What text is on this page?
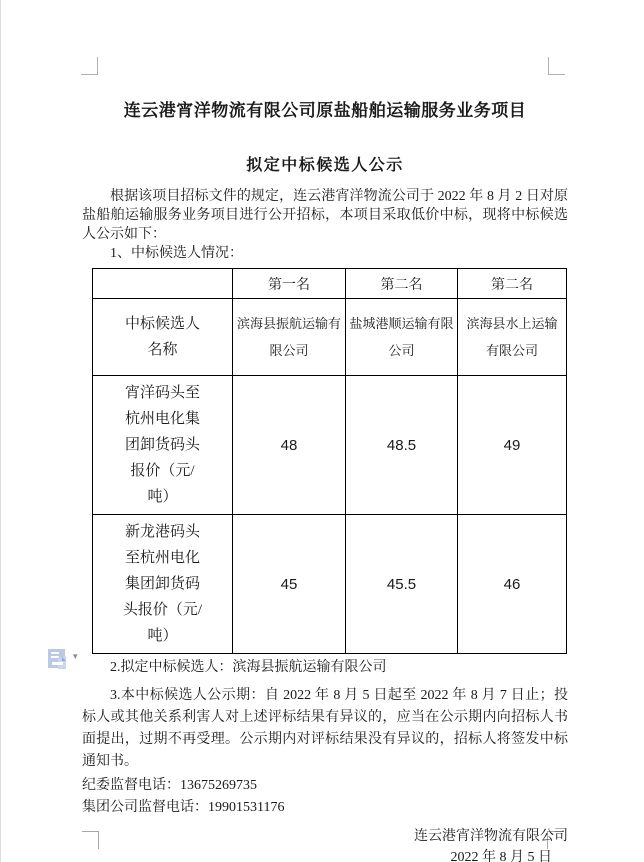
▾
连云港宵洋物流有限公司原盐船舶运输服务业务项目
拟定中标候选人公示

根据该项目招标文件的规定，连云港宵洋物流公司于 2022 年 8 月 2 日对原盐船舶运输服务业务项目进行公开招标，本项目采取低价中标，现将中标候选人公示如下：

1、中标候选人情况：

	第一名	第二名	第二名
中标候选人名称	滨海县振航运输有限公司	盐城港顺运输有限公司	滨海县水上运输有限公司
宵洋码头至杭州电化集团卸货码头报价（元/吨）	48	48.5	49
新龙港码头至杭州电化集团卸货码头报价（元/吨）	45	45.5	46

2.拟定中标候选人：滨海县振航运输有限公司

3.本中标候选人公示期：自 2022 年 8 月 5 日起至 2022 年 8 月 7 日止；投标人或其他关系利害人对上述评标结果有异议的，应当在公示期内向招标人书面提出，过期不再受理。公示期内对评标结果没有异议的，招标人将签发中标通知书。

纪委监督电话：13675269735

集团公司监督电话：19901531176

连云港宵洋物流有限公司
2022 年 8 月 5 日
